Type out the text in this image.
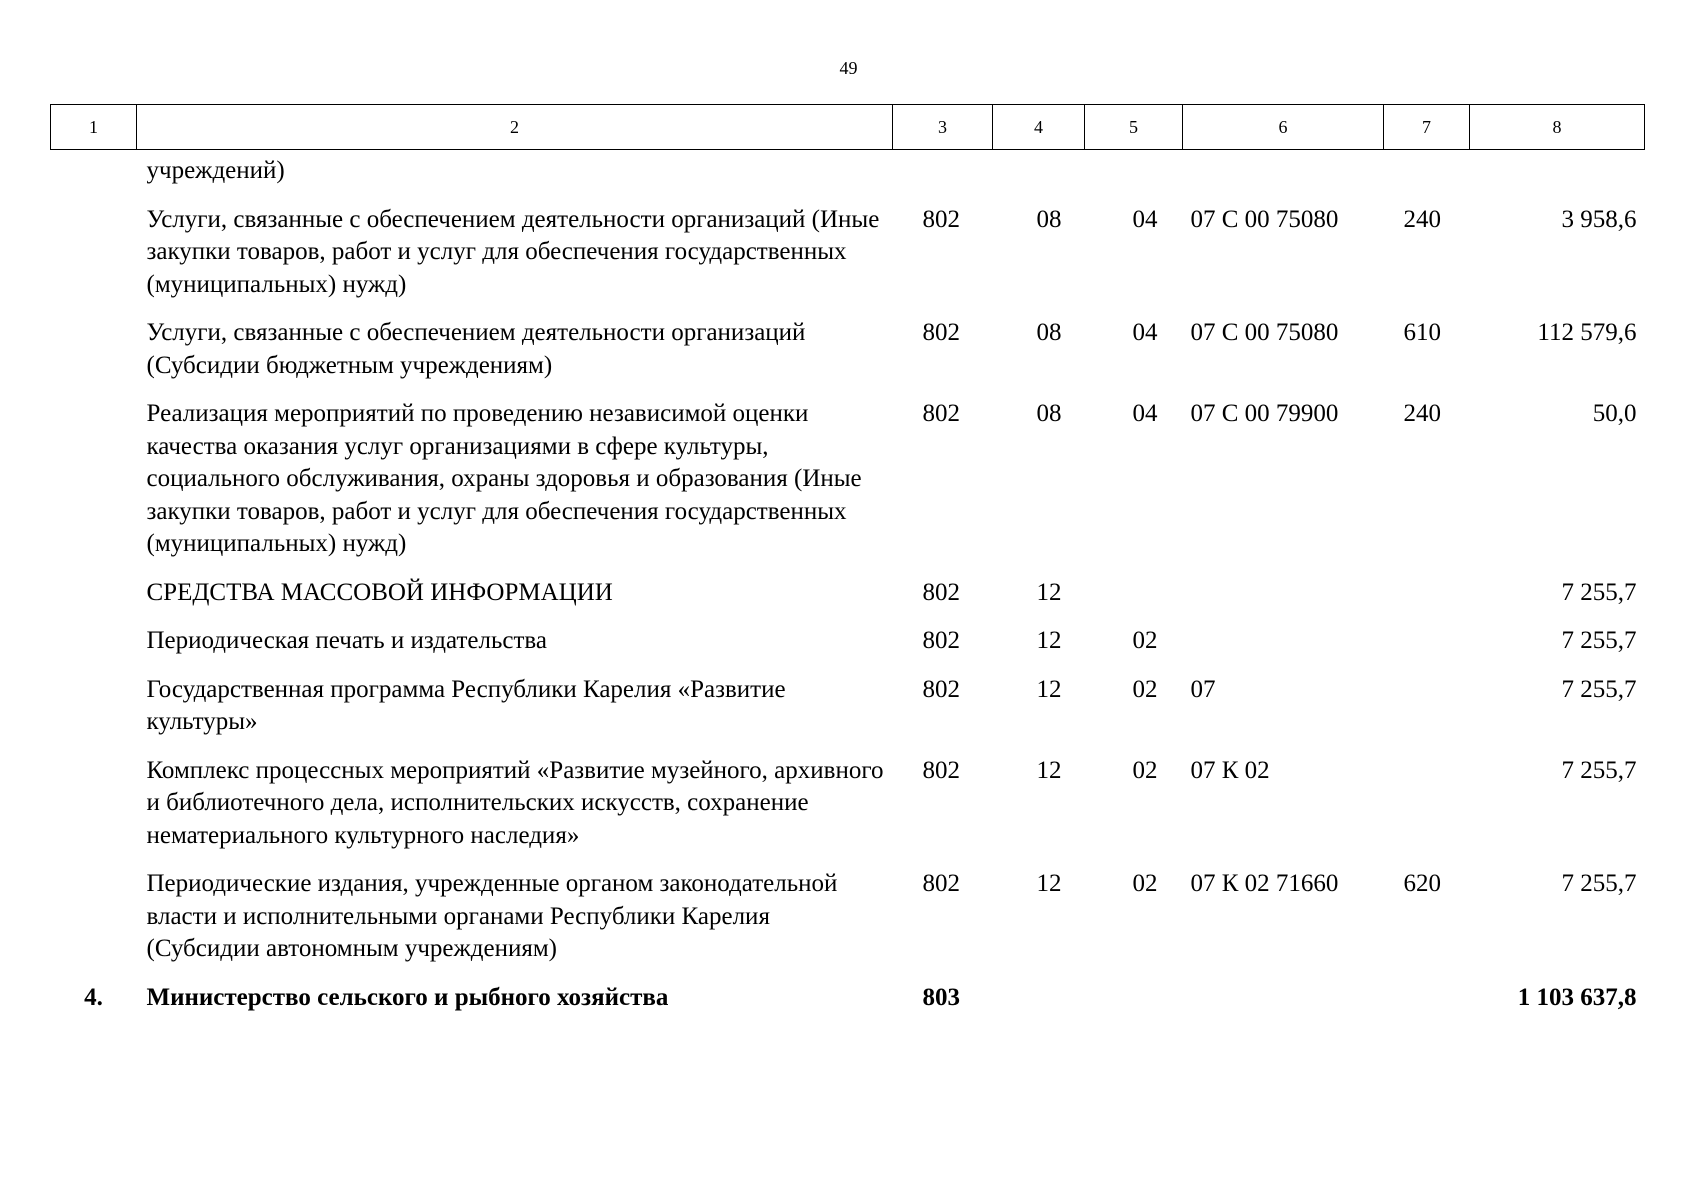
49
1	2	3	4	5	6	7	8
	учреждений)						
	Услуги, связанные с обеспечением деятельности организаций (Иные закупки товаров, работ и услуг для обеспечения государственных (муниципальных) нужд)	802	08	04	07 С 00 75080	240	3 958,6
	Услуги, связанные с обеспечением деятельности организаций (Субсидии бюджетным учреждениям)	802	08	04	07 С 00 75080	610	112 579,6
	Реализация мероприятий по проведению независимой оценки качества оказания услуг организациями в сфере культуры, социального обслуживания, охраны здоровья и образования (Иные закупки товаров, работ и услуг для обеспечения государственных (муниципальных) нужд)	802	08	04	07 С 00 79900	240	50,0
	СРЕДСТВА МАССОВОЙ ИНФОРМАЦИИ	802	12				7 255,7
	Периодическая печать и издательства	802	12	02			7 255,7
	Государственная программа Республики Карелия «Развитие культуры»	802	12	02	07		7 255,7
	Комплекс процессных мероприятий «Развитие музейного, архивного и библиотечного дела, исполнительских искусств, сохранение нематериального культурного наследия»	802	12	02	07 К 02		7 255,7
	Периодические издания, учрежденные органом законодательной власти и исполнительными органами Республики Карелия (Субсидии автономным учреждениям)	802	12	02	07 К 02 71660	620	7 255,7
4.	Министерство сельского и рыбного хозяйства	803					1 103 637,8
